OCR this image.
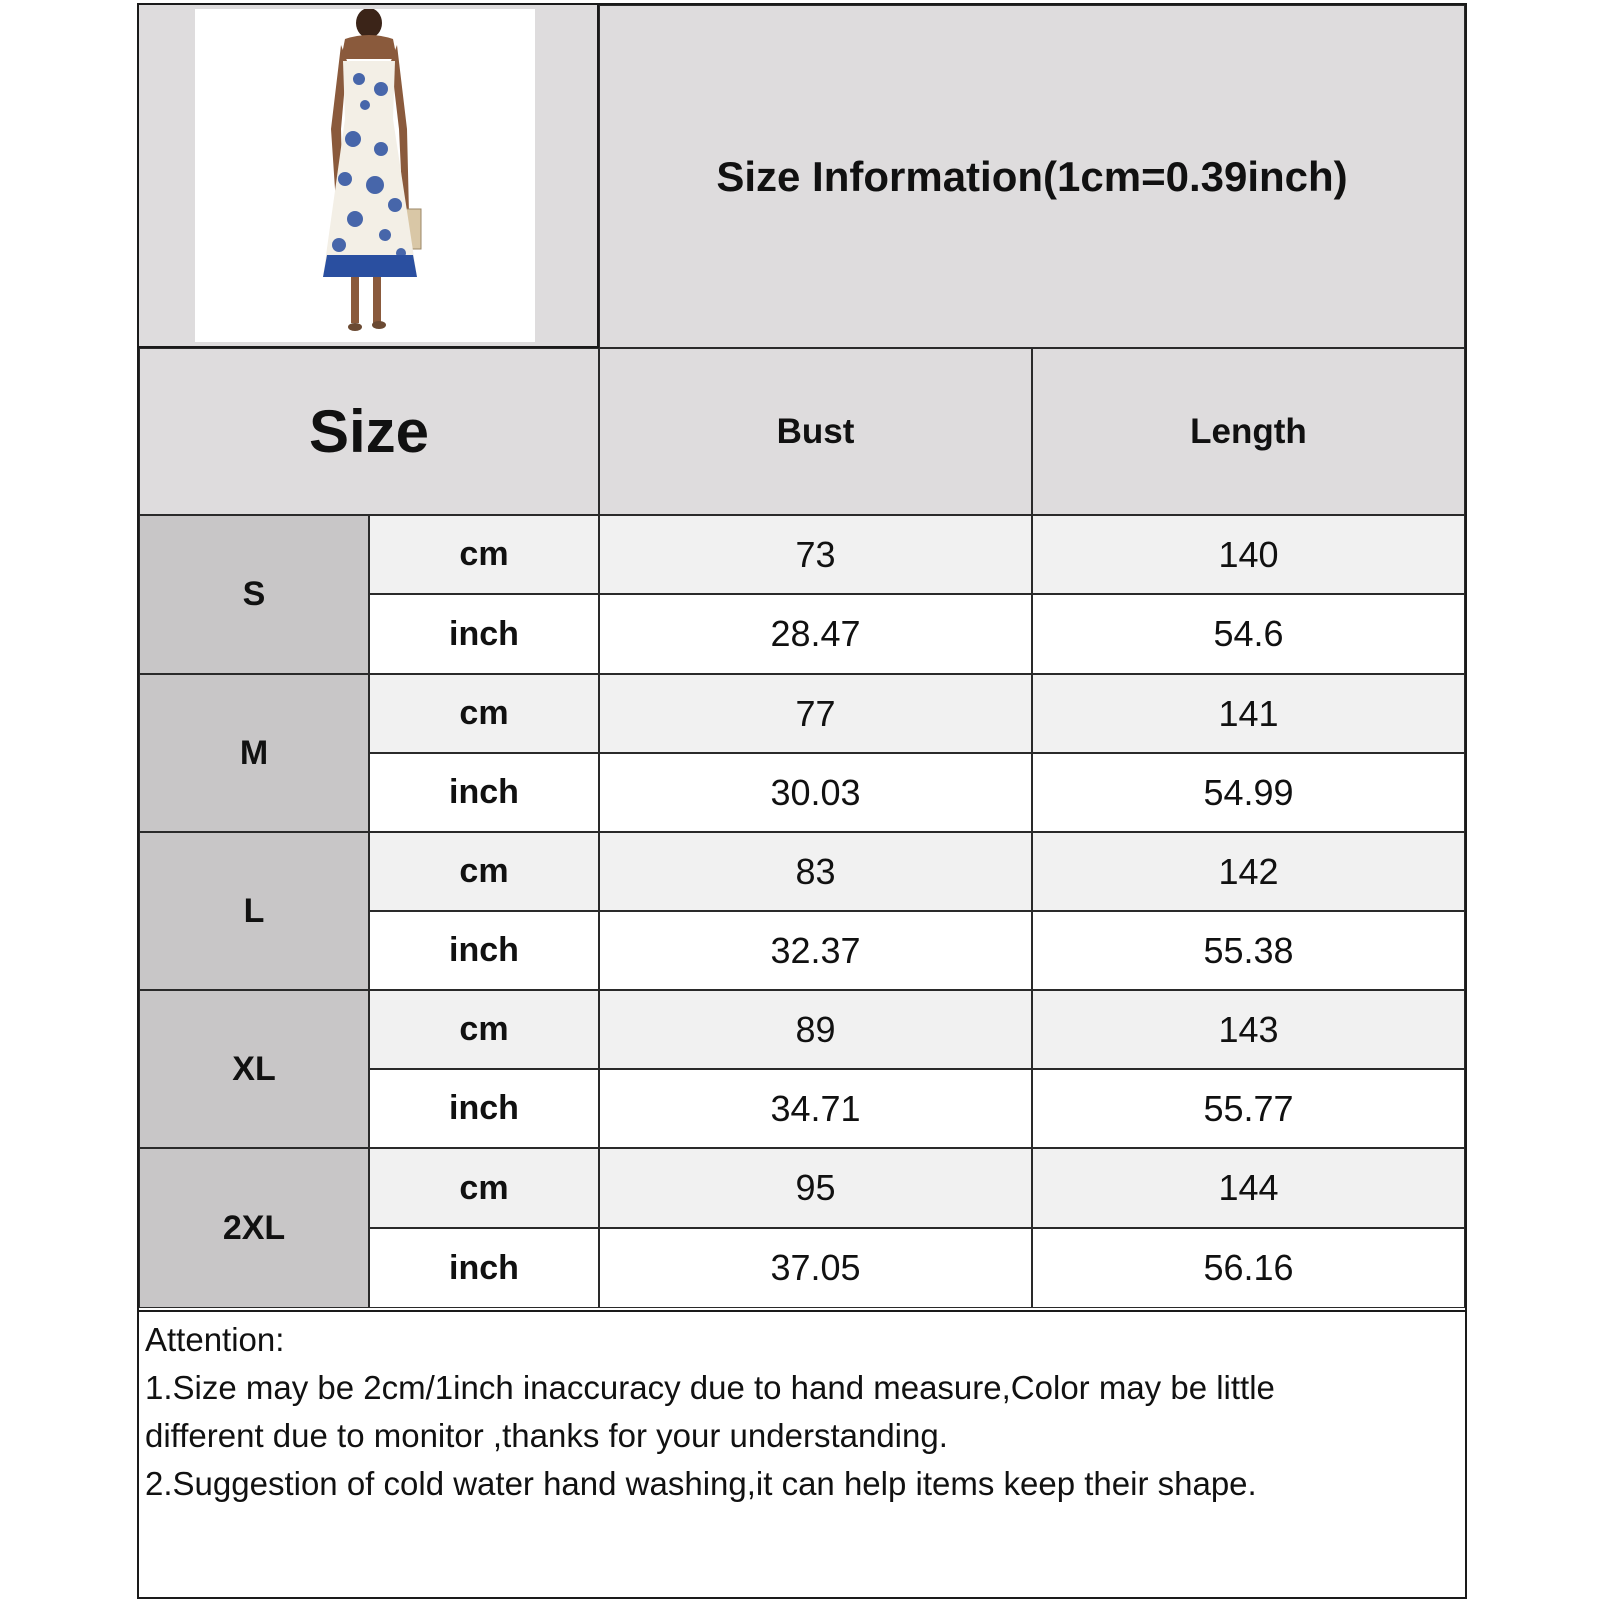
Size Information(1cm=0.39inch)
Size	Bust	Length
S
cm	73	140
inch	28.47	54.6
M
cm	77	141
inch	30.03	54.99
L
cm	83	142
inch	32.37	55.38
XL
cm	89	143
inch	34.71	55.77
2XL
cm	95	144
inch	37.05	56.16
Attention:
1.Size may be 2cm/1inch inaccuracy due to hand measure,Color may be little
different due to monitor ,thanks for your understanding.
2.Suggestion of cold water hand washing,it can help items keep their shape.
